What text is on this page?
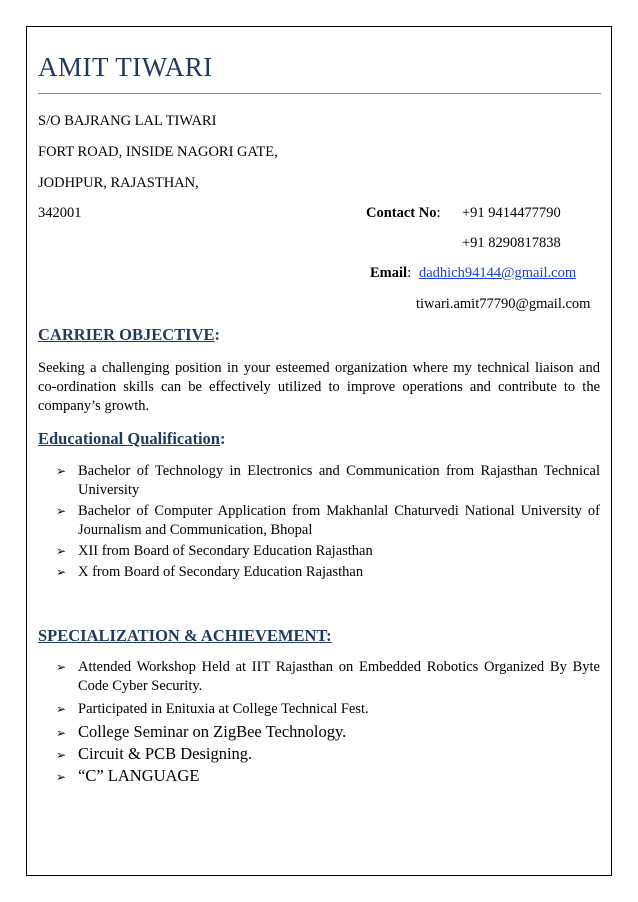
AMIT TIWARI
S/O BAJRANG LAL TIWARI
FORT ROAD, INSIDE NAGORI GATE,
JODHPUR, RAJASTHAN,
342001	Contact No: +91 9414477790
+91 8290817838
Email: dadhich94144@gmail.com
tiwari.amit77790@gmail.com
CARRIER OBJECTIVE:
Seeking a challenging position in your esteemed organization where my technical liaison and co-ordination skills can be effectively utilized to improve operations and contribute to the company’s growth.
Educational Qualification:
➢ Bachelor of Technology in Electronics and Communication from Rajasthan Technical University
➢ Bachelor of Computer Application from Makhanlal Chaturvedi National University of Journalism and Communication, Bhopal
➢ XII from Board of Secondary Education Rajasthan
➢ X from Board of Secondary Education Rajasthan
SPECIALIZATION & ACHIEVEMENT:
➢ Attended Workshop Held at IIT Rajasthan on Embedded Robotics Organized By Byte Code Cyber Security.
➢ Participated in Enituxia at College Technical Fest.
➢ College Seminar on ZigBee Technology.
➢ Circuit & PCB Designing.
➢ “C” LANGUAGE
